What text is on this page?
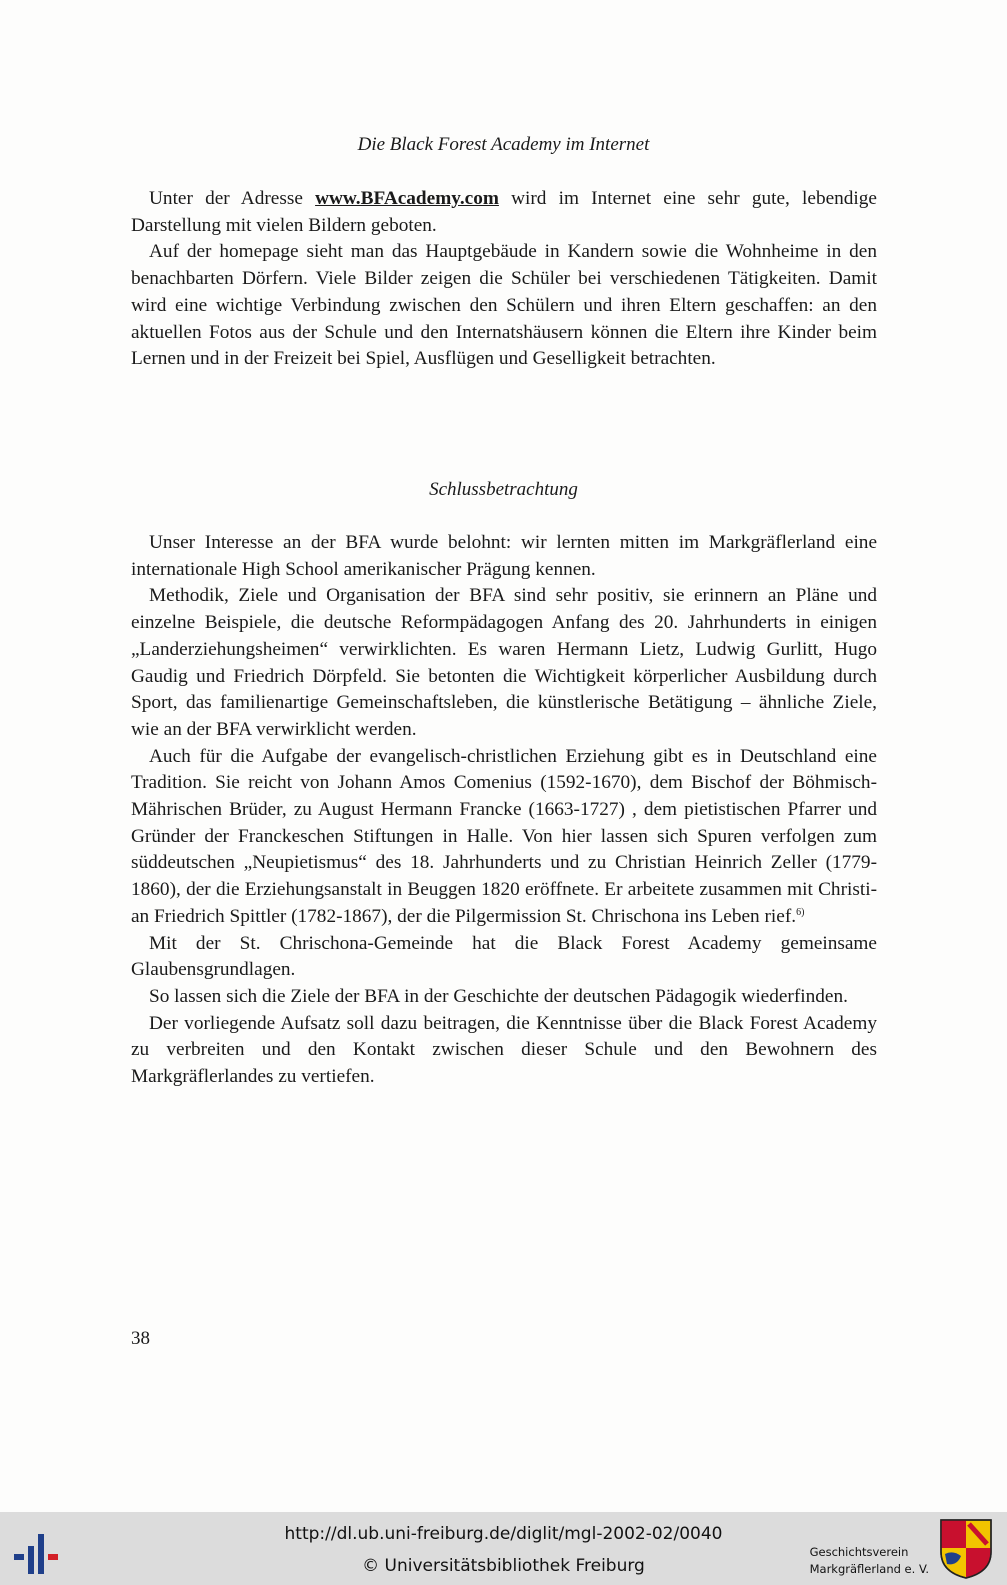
Die Black Forest Academy im Internet

Unter der Adresse www.BFAcademy.com wird im Internet eine sehr gute, lebendige Darstellung mit vielen Bildern geboten.

Auf der homepage sieht man das Hauptgebäude in Kandern sowie die Wohnheime in den benachbarten Dörfern. Viele Bilder zeigen die Schüler bei verschiedenen Tätigkeiten. Damit wird eine wichtige Verbindung zwischen den Schülern und ihren Eltern geschaffen: an den aktuellen Fotos aus der Schule und den Internatshäusern können die Eltern ihre Kinder beim Lernen und in der Freizeit bei Spiel, Ausflügen und Geselligkeit betrachten.

Schlussbetrachtung

Unser Interesse an der BFA wurde belohnt: wir lernten mitten im Markgräflerland eine internationale High School amerikanischer Prägung kennen.

Methodik, Ziele und Organisation der BFA sind sehr positiv, sie erinnern an Pläne und einzelne Beispiele, die deutsche Reformpädagogen Anfang des 20. Jahrhunderts in einigen „Landerziehungsheimen“ verwirklichten. Es waren Hermann Lietz, Ludwig Gurlitt, Hugo Gaudig und Friedrich Dörpfeld. Sie betonten die Wichtigkeit körperlicher Ausbildung durch Sport, das familienartige Gemeinschaftsleben, die künstlerische Betätigung – ähnliche Ziele, wie an der BFA verwirklicht werden.

Auch für die Aufgabe der evangelisch-christlichen Erziehung gibt es in Deutschland eine Tradition. Sie reicht von Johann Amos Comenius (1592-1670), dem Bischof der Böhmisch-Mährischen Brüder, zu August Hermann Francke (1663-1727) , dem pietistischen Pfarrer und Gründer der Franckeschen Stiftungen in Halle. Von hier lassen sich Spuren verfolgen zum süddeutschen „Neupietismus“ des 18. Jahrhunderts und zu Christian Heinrich Zeller (1779-1860), der die Erziehungsanstalt in Beuggen 1820 eröffnete. Er arbeitete zusammen mit Christian Friedrich Spittler (1782-1867), der die Pilgermission St. Chrischona ins Leben rief.$^{6)}$

Mit der St. Chrischona-Gemeinde hat die Black Forest Academy gemeinsame Glaubensgrundlagen.

So lassen sich die Ziele der BFA in der Geschichte der deutschen Pädagogik wiederfinden.

Der vorliegende Aufsatz soll dazu beitragen, die Kenntnisse über die Black Forest Academy zu verbreiten und den Kontakt zwischen dieser Schule und den Bewohnern des Markgräflerlandes zu vertiefen.

38
http://dl.ub.uni-freiburg.de/diglit/mgl-2002-02/0040
© Universitätsbibliothek Freiburg
Geschichtsverein
Markgräflerland e. V.
